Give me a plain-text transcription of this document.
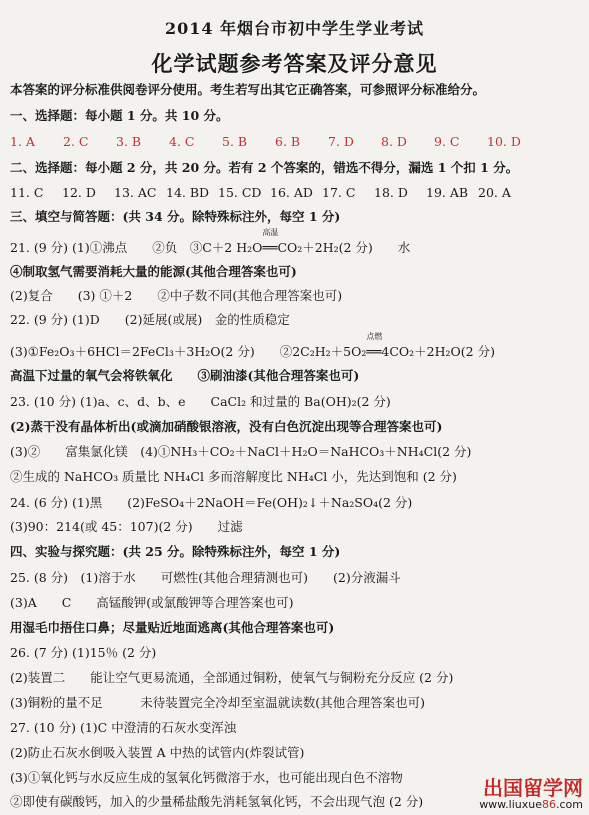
2014 年烟台市初中学生学业考试
化学试题参考答案及评分意见
本答案的评分标准供阅卷评分使用。考生若写出其它正确答案，可参照评分标准给分。
一、选择题：每小题 1 分。共 10 分。
1. A 2. C 3. B 4. C 5. B 6. B 7. D 8. D 9. C 10. D
二、选择题：每小题 2 分，共 20 分。若有 2 个答案的，错选不得分，漏选 1 个扣 1 分。
11. C 12. D 13. AC 14. BD 15. CD 16. AD 17. C 18. D 19. AB 20. A
三、填空与简答题：(共 34 分。除特殊标注外，每空 1 分)
21. (9 分) (1)①沸点　　②负　③C＋2 H₂O
高温
══CO₂＋2H₂(2 分)　　水
④制取氢气需要消耗大量的能源(其他合理答案也可)
(2)复合　　(3) ①＋2　　②中子数不同(其他合理答案也可)
22. (9 分) (1)D　　(2)延展(或展)　金的性质稳定
(3)①Fe₂O₃＋6HCl＝2FeCl₃＋3H₂O(2 分)　　②2C₂H₂＋5O₂
点燃
══4CO₂＋2H₂O(2 分)
高温下过量的氧气会将铁氧化　　③刷油漆(其他合理答案也可)
23. (10 分) (1)a、c、d、b、e　　CaCl₂ 和过量的 Ba(OH)₂(2 分)
(2)蒸干没有晶体析出(或滴加硝酸银溶液，没有白色沉淀出现等合理答案也可)
(3)②　　富集氯化镁　(4)①NH₃＋CO₂＋NaCl＋H₂O＝NaHCO₃＋NH₄Cl(2 分)
②生成的 NaHCO₃ 质量比 NH₄Cl 多而溶解度比 NH₄Cl 小，先达到饱和 (2 分)
24. (6 分) (1)黑　　(2)FeSO₄＋2NaOH＝Fe(OH)₂↓＋Na₂SO₄(2 分)
(3)90：214(或 45：107)(2 分)　　过滤
四、实验与探究题：(共 25 分。除特殊标注外，每空 1 分)
25. (8 分)　(1)溶于水　　可燃性(其他合理猜测也可)　　(2)分液漏斗
(3)A　　C　　高锰酸钾(或氯酸钾等合理答案也可)
用湿毛巾捂住口鼻；尽量贴近地面逃离(其他合理答案也可)
26. (7 分) (1)15％ (2 分)
(2)装置二　　能让空气更易流通，全部通过铜粉，使氧气与铜粉充分反应 (2 分)
(3)铜粉的量不足　　　未待装置完全冷却至室温就读数(其他合理答案也可)
27. (10 分) (1)C 中澄清的石灰水变浑浊
(2)防止石灰水倒吸入装置 A 中热的试管内(炸裂试管)
(3)①氧化钙与水反应生成的氢氧化钙微溶于水，也可能出现白色不溶物
②即使有碳酸钙，加入的少量稀盐酸先消耗氢氧化钙，不会出现气泡 (2 分)
出国留学网
www.liuxue86.com
